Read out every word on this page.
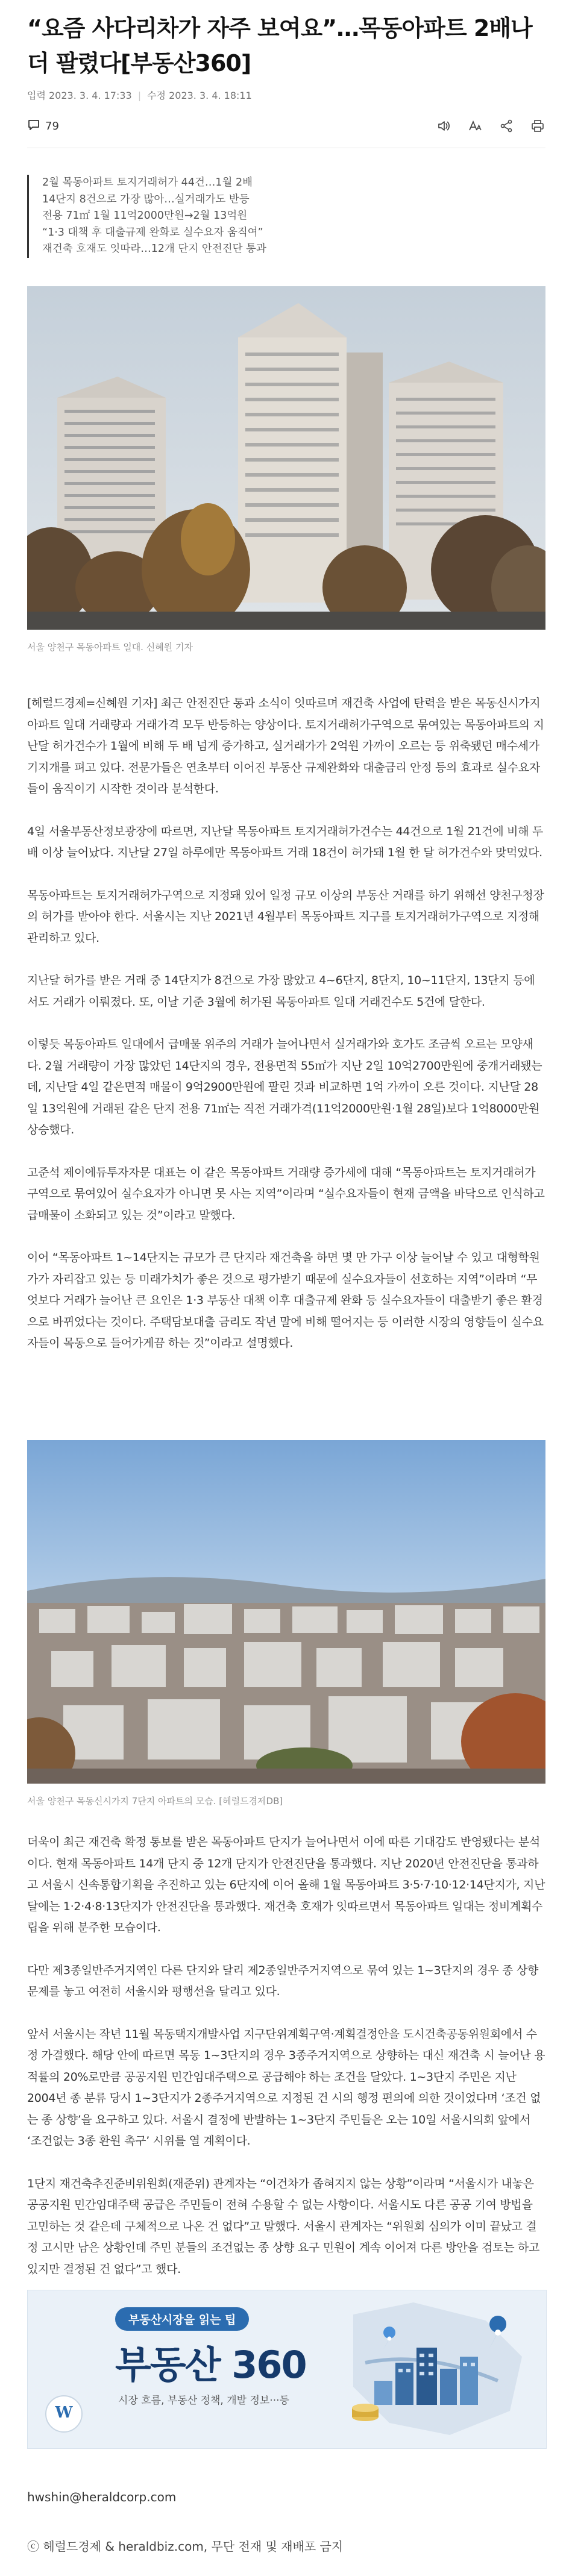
“요즘 사다리차가 자주 보여요”…목동아파트 2배나 더 팔렸다[부동산360]
입력 2023. 3. 4. 17:33 | 수정 2023. 3. 4. 18:11
79
2월 목동아파트 토지거래허가 44건…1월 2배
14단지 8건으로 가장 많아…실거래가도 반등
전용 71㎡ 1월 11억2000만원→2월 13억원
“1·3 대책 후 대출규제 완화로 실수요자 움직여”
재건축 호재도 잇따라…12개 단지 안전진단 통과
서울 양천구 목동아파트 일대. 신혜원 기자

[헤럴드경제=신혜원 기자] 최근 안전진단 통과 소식이 잇따르며 재건축 사업에 탄력을 받은 목동신시가지아파트 일대 거래량과 거래가격 모두 반등하는 양상이다. 토지거래허가구역으로 묶여있는 목동아파트의 지난달 허가건수가 1월에 비해 두 배 넘게 증가하고, 실거래가가 2억원 가까이 오르는 등 위축됐던 매수세가 기지개를 펴고 있다. 전문가들은 연초부터 이어진 부동산 규제완화와 대출금리 안정 등의 효과로 실수요자들이 움직이기 시작한 것이라 분석한다.

4일 서울부동산정보광장에 따르면, 지난달 목동아파트 토지거래허가건수는 44건으로 1월 21건에 비해 두 배 이상 늘어났다. 지난달 27일 하루에만 목동아파트 거래 18건이 허가돼 1월 한 달 허가건수와 맞먹었다.

목동아파트는 토지거래허가구역으로 지정돼 있어 일정 규모 이상의 부동산 거래를 하기 위해선 양천구청장의 허가를 받아야 한다. 서울시는 지난 2021년 4월부터 목동아파트 지구를 토지거래허가구역으로 지정해 관리하고 있다.

지난달 허가를 받은 거래 중 14단지가 8건으로 가장 많았고 4~6단지, 8단지, 10~11단지, 13단지 등에서도 거래가 이뤄졌다. 또, 이날 기준 3월에 허가된 목동아파트 일대 거래건수도 5건에 달한다.

이렇듯 목동아파트 일대에서 급매물 위주의 거래가 늘어나면서 실거래가와 호가도 조금씩 오르는 모양새다. 2월 거래량이 가장 많았던 14단지의 경우, 전용면적 55㎡가 지난 2일 10억2700만원에 중개거래됐는데, 지난달 4일 같은면적 매물이 9억2900만원에 팔린 것과 비교하면 1억 가까이 오른 것이다. 지난달 28일 13억원에 거래된 같은 단지 전용 71㎡는 직전 거래가격(11억2000만원·1월 28일)보다 1억8000만원 상승했다.

고준석 제이에듀투자자문 대표는 이 같은 목동아파트 거래량 증가세에 대해 “목동아파트는 토지거래허가구역으로 묶여있어 실수요자가 아니면 못 사는 지역”이라며 “실수요자들이 현재 금액을 바닥으로 인식하고 급매물이 소화되고 있는 것”이라고 말했다.

이어 “목동아파트 1~14단지는 규모가 큰 단지라 재건축을 하면 몇 만 가구 이상 늘어날 수 있고 대형학원가가 자리잡고 있는 등 미래가치가 좋은 것으로 평가받기 때문에 실수요자들이 선호하는 지역”이라며 “무엇보다 거래가 늘어난 큰 요인은 1·3 부동산 대책 이후 대출규제 완화 등 실수요자들이 대출받기 좋은 환경으로 바뀌었다는 것이다. 주택담보대출 금리도 작년 말에 비해 떨어지는 등 이러한 시장의 영향들이 실수요자들이 목동으로 들어가게끔 하는 것”이라고 설명했다.

서울 양천구 목동신시가지 7단지 아파트의 모습. [헤럴드경제DB]

더욱이 최근 재건축 확정 통보를 받은 목동아파트 단지가 늘어나면서 이에 따른 기대감도 반영됐다는 분석이다. 현재 목동아파트 14개 단지 중 12개 단지가 안전진단을 통과했다. 지난 2020년 안전진단을 통과하고 서울시 신속통합기획을 추진하고 있는 6단지에 이어 올해 1월 목동아파트 3·5·7·10·12·14단지가, 지난달에는 1·2·4·8·13단지가 안전진단을 통과했다. 재건축 호재가 잇따르면서 목동아파트 일대는 정비계획수립을 위해 분주한 모습이다.

다만 제3종일반주거지역인 다른 단지와 달리 제2종일반주거지역으로 묶여 있는 1~3단지의 경우 종 상향 문제를 놓고 여전히 서울시와 평행선을 달리고 있다.

앞서 서울시는 작년 11월 목동택지개발사업 지구단위계획구역·계획결정안을 도시건축공동위원회에서 수정 가결했다. 해당 안에 따르면 목동 1~3단지의 경우 3종주거지역으로 상향하는 대신 재건축 시 늘어난 용적률의 20%로만큼 공공지원 민간임대주택으로 공급해야 하는 조건을 달았다. 1~3단지 주민은 지난 2004년 종 분류 당시 1~3단지가 2종주거지역으로 지정된 건 시의 행정 편의에 의한 것이었다며 ‘조건 없는 종 상향’을 요구하고 있다. 서울시 결정에 반발하는 1~3단지 주민들은 오는 10일 서울시의회 앞에서 ‘조건없는 3종 환원 촉구’ 시위를 열 계획이다.

1단지 재건축추진준비위원회(재준위) 관계자는 “이건차가 좁혀지지 않는 상황”이라며 “서울시가 내놓은 공공지원 민간임대주택 공급은 주민들이 전혀 수용할 수 없는 사항이다. 서울시도 다른 공공 기여 방법을 고민하는 것 같은데 구체적으로 나온 건 없다”고 말했다. 서울시 관계자는 “위원회 심의가 이미 끝났고 결정 고시만 남은 상황인데 주민 분들의 조건없는 종 상향 요구 민원이 계속 이어져 다른 방안을 검토는 하고 있지만 결정된 건 없다”고 했다.

W
부동산시장을 읽는 팁
부동산 360
시장 흐름, 부동산 정책, 개발 정보···등
hwshin@heraldcorp.com
ⓒ 헤럴드경제 & heraldbiz.com, 무단 전재 및 재배포 금지
